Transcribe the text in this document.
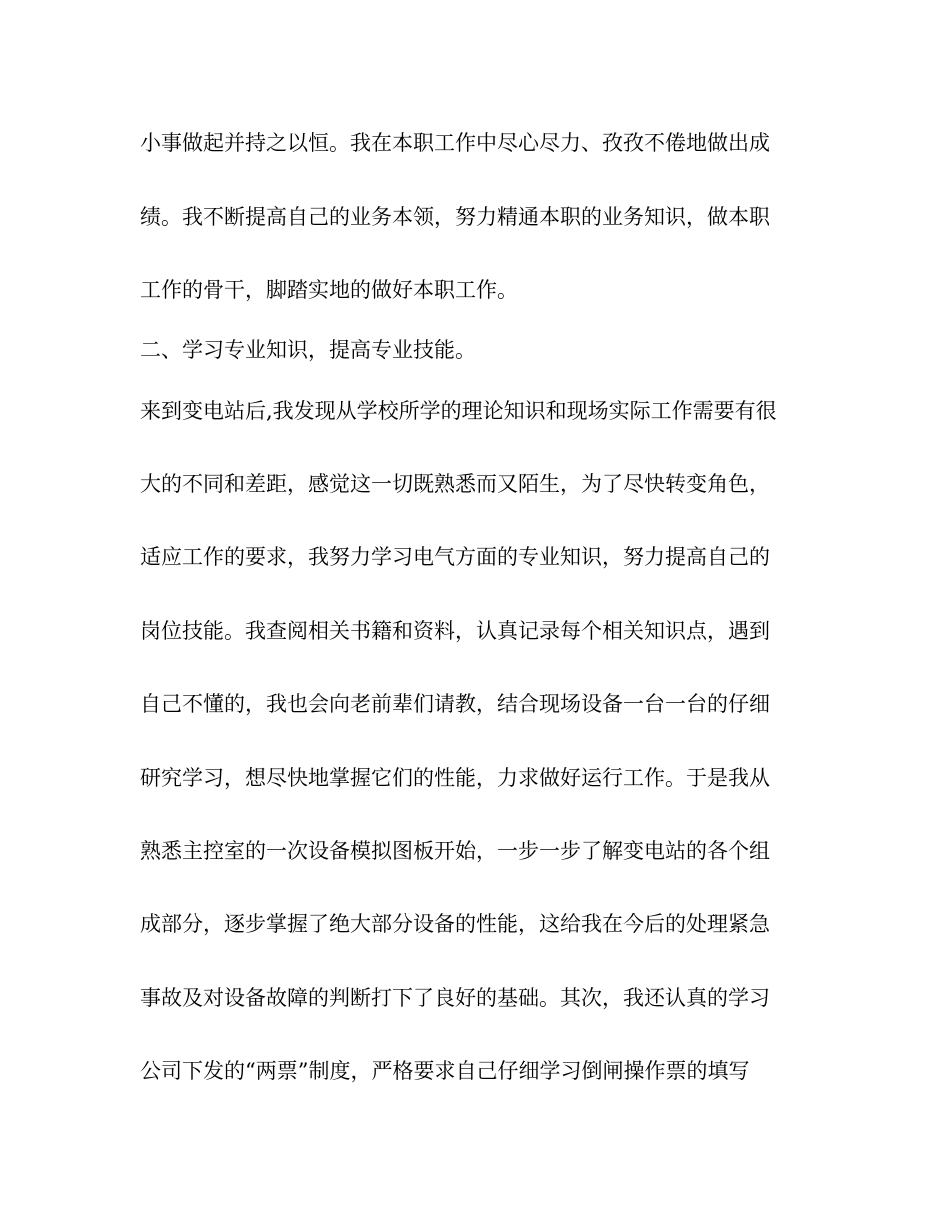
小事做起并持之以恒。我在本职工作中尽心尽力、孜孜不倦地做出成
绩。我不断提高自己的业务本领，努力精通本职的业务知识，做本职
工作的骨干，脚踏实地的做好本职工作。
二、学习专业知识，提高专业技能。
来到变电站后,我发现从学校所学的理论知识和现场实际工作需要有很
大的不同和差距，感觉这一切既熟悉而又陌生，为了尽快转变角色，
适应工作的要求，我努力学习电气方面的专业知识，努力提高自己的
岗位技能。我查阅相关书籍和资料，认真记录每个相关知识点，遇到
自己不懂的，我也会向老前辈们请教，结合现场设备一台一台的仔细
研究学习，想尽快地掌握它们的性能，力求做好运行工作。于是我从
熟悉主控室的一次设备模拟图板开始，一步一步了解变电站的各个组
成部分，逐步掌握了绝大部分设备的性能，这给我在今后的处理紧急
事故及对设备故障的判断打下了良好的基础。其次，我还认真的学习
公司下发的“两票”制度，严格要求自己仔细学习倒闸操作票的填写
